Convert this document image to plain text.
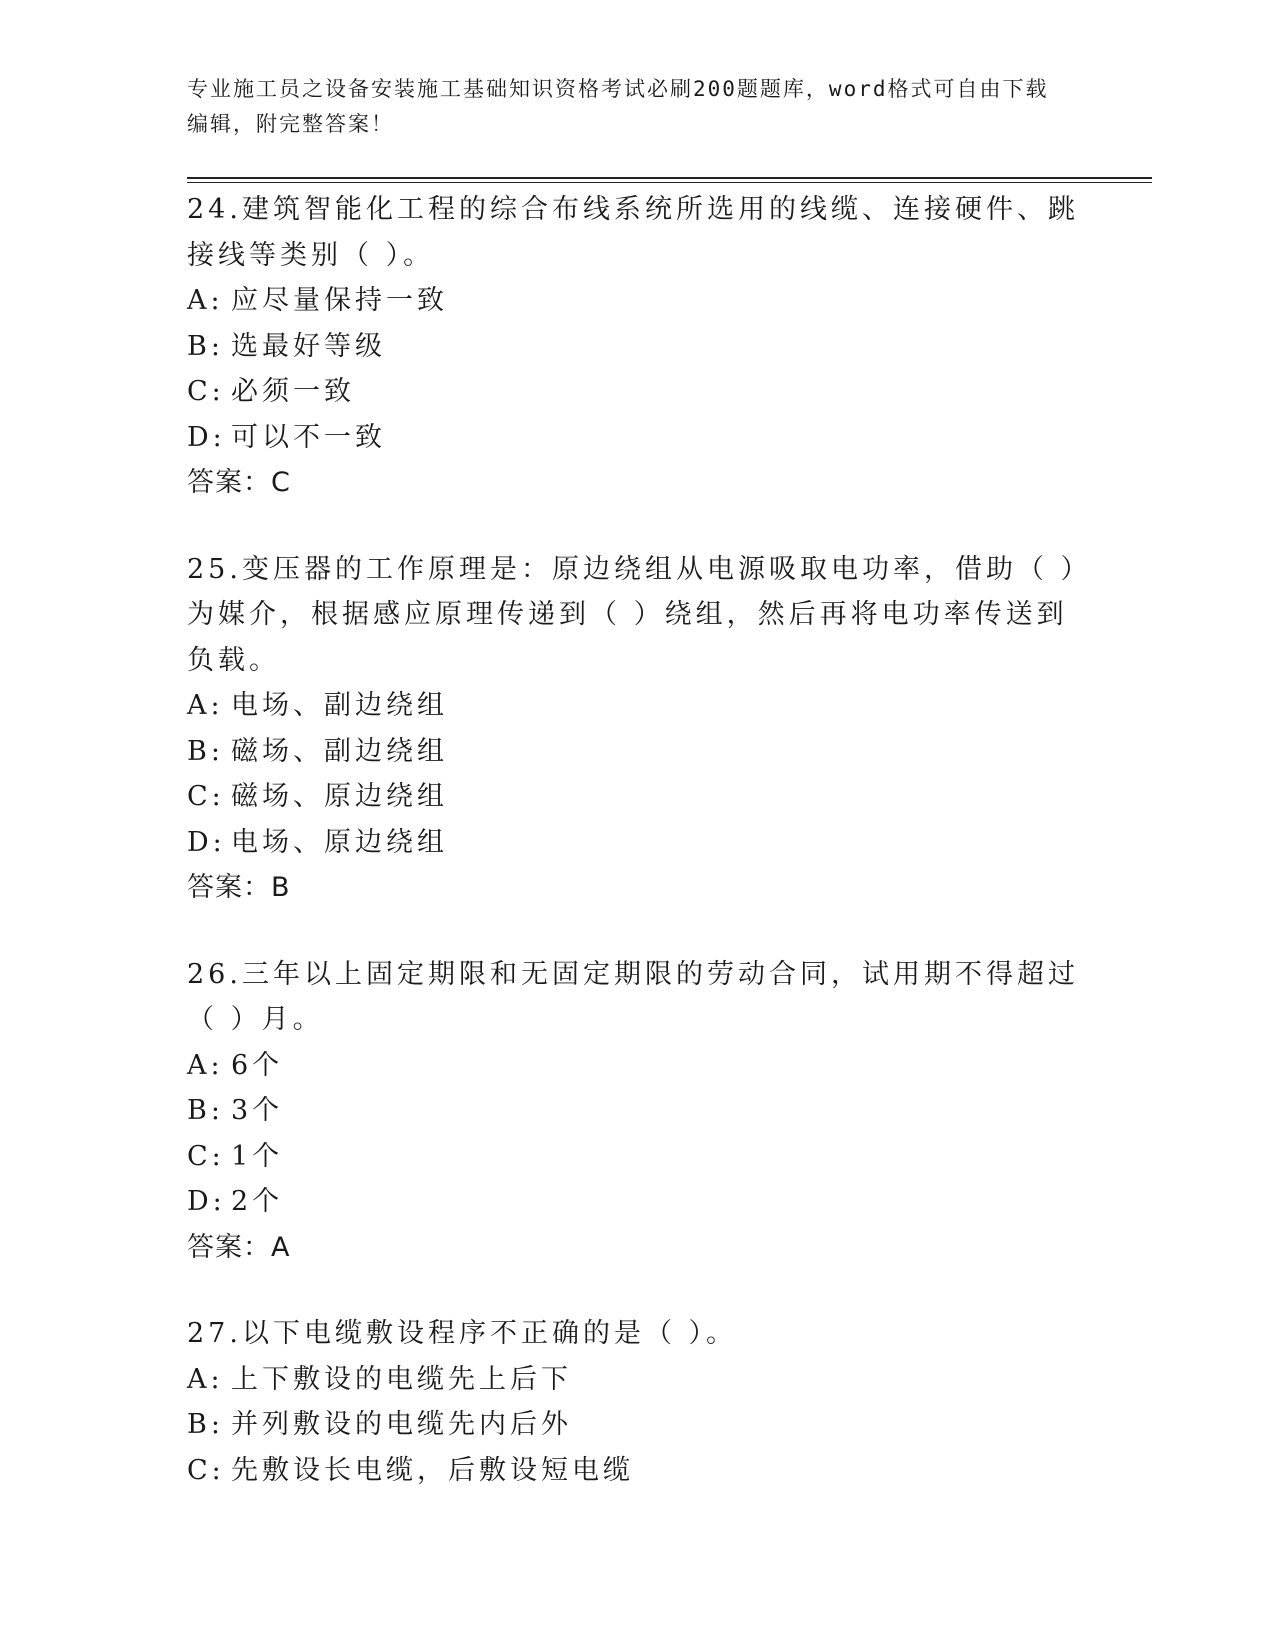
专业施工员之设备安装施工基础知识资格考试必刷200题题库，word格式可自由下载编辑，附完整答案！
24.建筑智能化工程的综合布线系统所选用的线缆、连接硬件、跳接线等类别（ ）。
A: 应尽量保持一致
B: 选最好等级
C: 必须一致
D: 可以不一致
答案：C
25.变压器的工作原理是：原边绕组从电源吸取电功率，借助（ ）为媒介，根据感应原理传递到（ ）绕组，然后再将电功率传送到负载。
A: 电场、副边绕组
B: 磁场、副边绕组
C: 磁场、原边绕组
D: 电场、原边绕组
答案：B
26.三年以上固定期限和无固定期限的劳动合同，试用期不得超过（ ）月。
A: 6个
B: 3个
C: 1个
D: 2个
答案：A
27.以下电缆敷设程序不正确的是（ ）。
A: 上下敷设的电缆先上后下
B: 并列敷设的电缆先内后外
C: 先敷设长电缆，后敷设短电缆
